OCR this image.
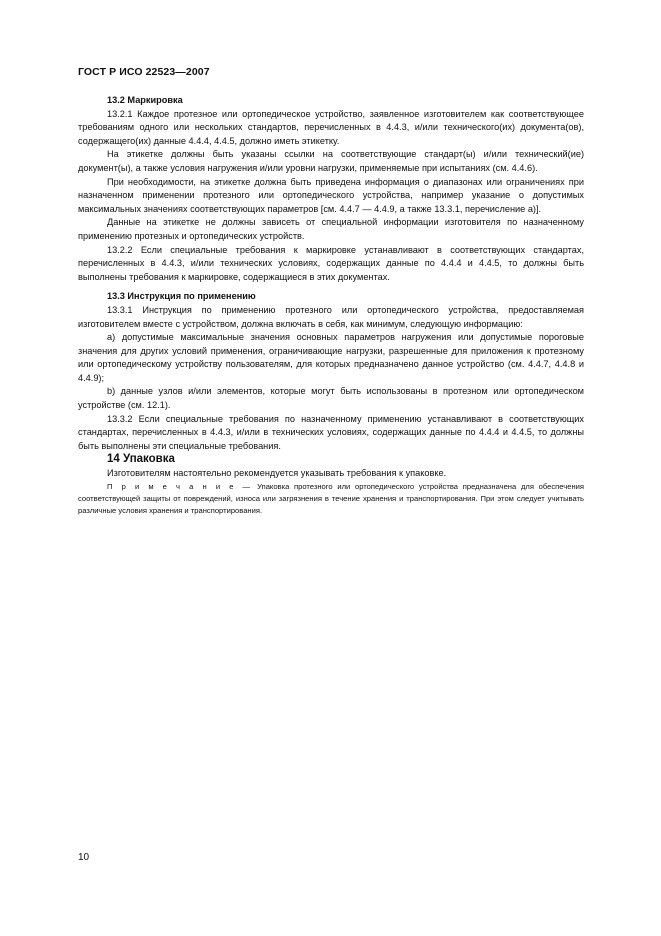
ГОСТ Р ИСО 22523—2007

13.2 Маркировка

13.2.1 Каждое протезное или ортопедическое устройство, заявленное изготовителем как соответствующее требованиям одного или нескольких стандартов, перечисленных в 4.4.3, и/или технического(их) документа(ов), содержащего(их) данные 4.4.4, 4.4.5, должно иметь этикетку.

На этикетке должны быть указаны ссылки на соответствующие стандарт(ы) и/или технический(ие) документ(ы), а также условия нагружения и/или уровни нагрузки, применяемые при испытаниях (см. 4.4.6).

При необходимости, на этикетке должна быть приведена информация о диапазонах или ограничениях при назначенном применении протезного или ортопедического устройства, например указание о допустимых максимальных значениях соответствующих параметров [см. 4.4.7 — 4.4.9, а также 13.3.1, перечисление а)].

Данные на этикетке не должны зависеть от специальной информации изготовителя по назначенному применению протезных и ортопедических устройств.

13.2.2 Если специальные требования к маркировке устанавливают в соответствующих стандартах, перечисленных в 4.4.3, и/или технических условиях, содержащих данные по 4.4.4 и 4.4.5, то должны быть выполнены требования к маркировке, содержащиеся в этих документах.

13.3 Инструкция по применению

13.3.1 Инструкция по применению протезного или ортопедического устройства, предоставляемая изготовителем вместе с устройством, должна включать в себя, как минимум, следующую информацию:

а) допустимые максимальные значения основных параметров нагружения или допустимые пороговые значения для других условий применения, ограничивающие нагрузки, разрешенные для приложения к протезному или ортопедическому устройству пользователям, для которых предназначено данное устройство (см. 4.4.7, 4.4.8 и 4.4.9);

b) данные узлов и/или элементов, которые могут быть использованы в протезном или ортопедическом устройстве (см. 12.1).

13.3.2 Если специальные требования по назначенному применению устанавливают в соответствующих стандартах, перечисленных в 4.4.3, и/или в технических условиях, содержащих данные по 4.4.4 и 4.4.5, то должны быть выполнены эти специальные требования.

14 Упаковка

Изготовителям настоятельно рекомендуется указывать требования к упаковке.

П р и м е ч а н и е — Упаковка протезного или ортопедического устройства предназначена для обеспечения соответствующей защиты от повреждений, износа или загрязнения в течение хранения и транспортирования. При этом следует учитывать различные условия хранения и транспортирования.

10
